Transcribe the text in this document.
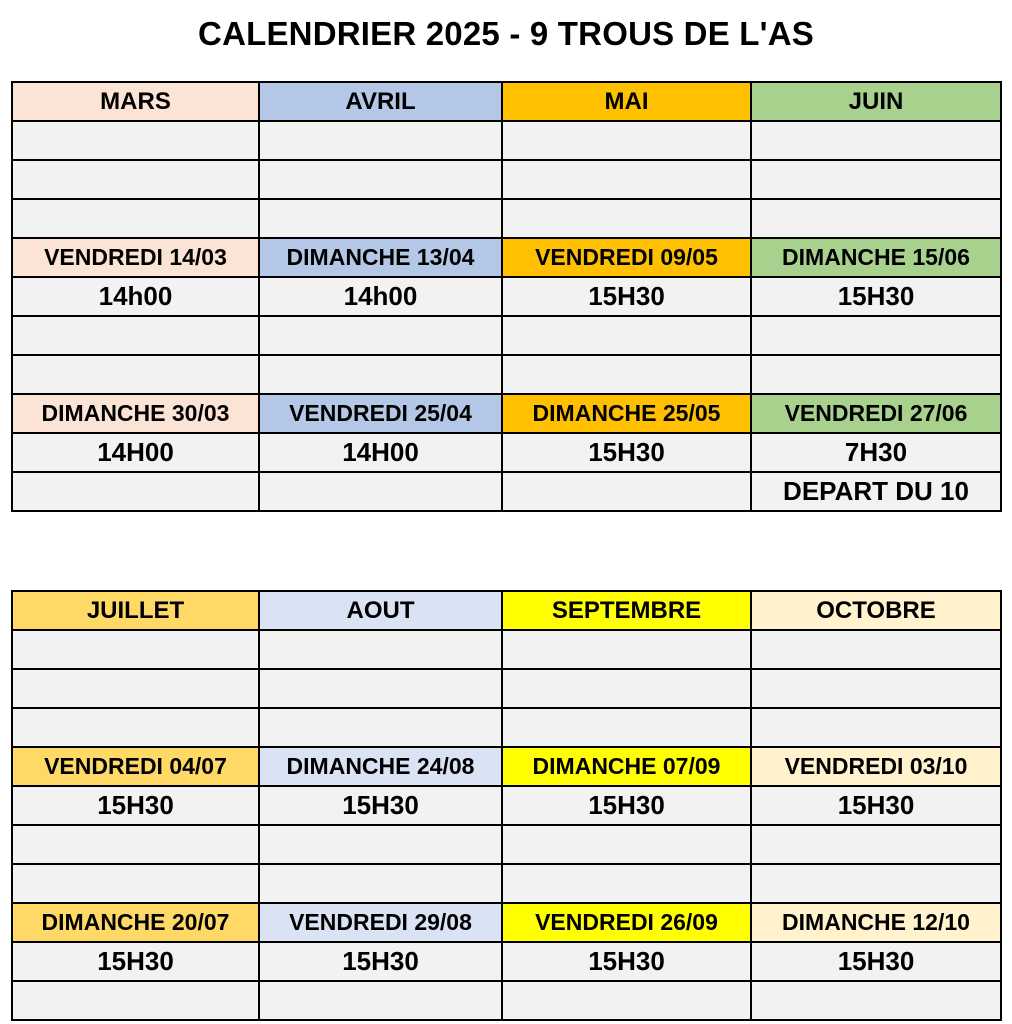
CALENDRIER 2025 - 9 TROUS DE L'AS
MARS	AVRIL	MAI	JUIN

VENDREDI 14/03	DIMANCHE 13/04	VENDREDI 09/05	DIMANCHE 15/06
14h00	14h00	15H30	15H30

DIMANCHE 30/03	VENDREDI 25/04	DIMANCHE 25/05	VENDREDI 27/06
14H00	14H00	15H30	7H30
			DEPART DU 10
JUILLET	AOUT	SEPTEMBRE	OCTOBRE

VENDREDI 04/07	DIMANCHE 24/08	DIMANCHE 07/09	VENDREDI 03/10
15H30	15H30	15H30	15H30

DIMANCHE 20/07	VENDREDI 29/08	VENDREDI 26/09	DIMANCHE 12/10
15H30	15H30	15H30	15H30
